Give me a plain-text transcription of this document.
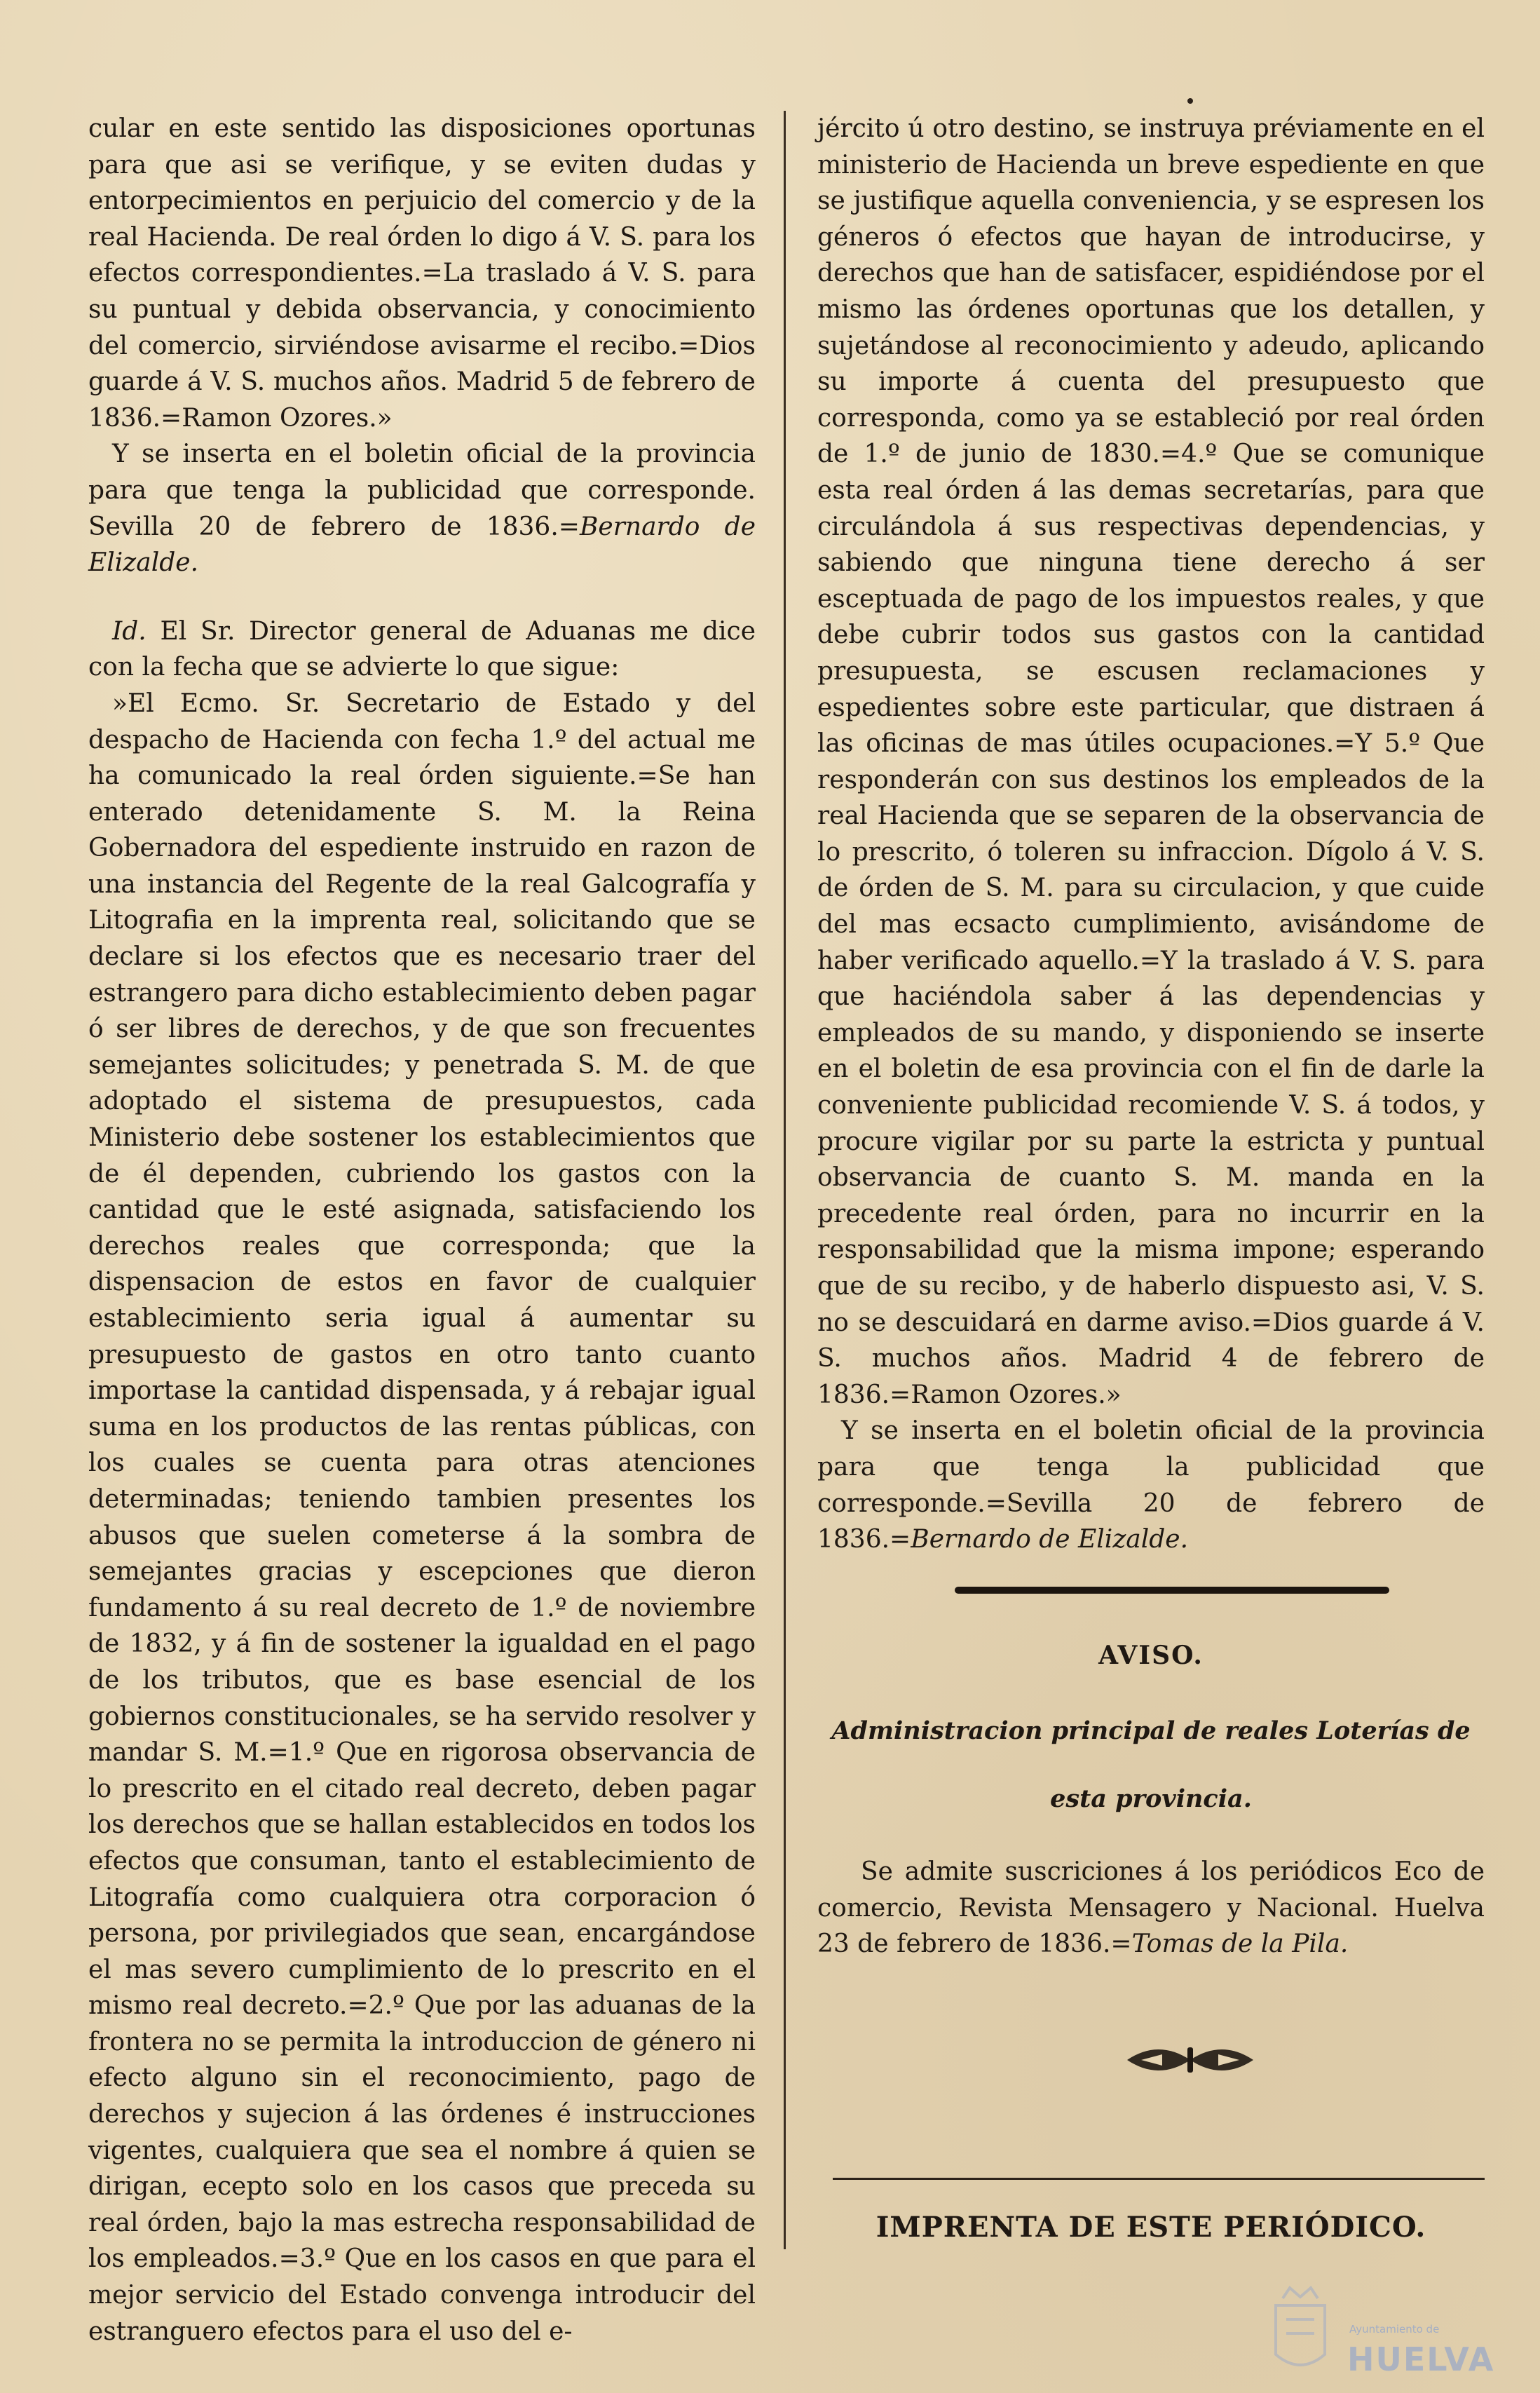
cular en este sentido las disposiciones oportunas para que asi se verifique, y se eviten dudas y entorpecimientos en perjuicio del comercio y de la real Hacienda. De real órden lo digo á V. S. para los efectos correspondientes.=La traslado á V. S. para su puntual y debida observancia, y conocimiento del comercio, sirviéndose avisarme el recibo.=Dios guarde á V. S. muchos años. Madrid 5 de febrero de 1836.=Ramon Ozores.»

Y se inserta en el boletin oficial de la provincia para que tenga la publicidad que corresponde. Sevilla 20 de febrero de 1836.=Bernardo de Elizalde.

Id. El Sr. Director general de Aduanas me dice con la fecha que se advierte lo que sigue:

»El Ecmo. Sr. Secretario de Estado y del despacho de Hacienda con fecha 1.º del actual me ha comunicado la real órden siguiente.=Se han enterado detenidamente S. M. la Reina Gobernadora del espediente instruido en razon de una instancia del Regente de la real Galcografía y Litografia en la imprenta real, solicitando que se declare si los efectos que es necesario traer del estrangero para dicho establecimiento deben pagar ó ser libres de derechos, y de que son frecuentes semejantes solicitudes; y penetrada S. M. de que adoptado el sistema de presupuestos, cada Ministerio debe sostener los establecimientos que de él dependen, cubriendo los gastos con la cantidad que le esté asignada, satisfaciendo los derechos reales que corresponda; que la dispensacion de estos en favor de cualquier establecimiento seria igual á aumentar su presupuesto de gastos en otro tanto cuanto importase la cantidad dispensada, y á rebajar igual suma en los productos de las rentas públicas, con los cuales se cuenta para otras atenciones determinadas; teniendo tambien presentes los abusos que suelen cometerse á la sombra de semejantes gracias y escepciones que dieron fundamento á su real decreto de 1.º de noviembre de 1832, y á fin de sostener la igualdad en el pago de los tributos, que es base esencial de los gobiernos constitucionales, se ha servido resolver y mandar S. M.=1.º Que en rigorosa observancia de lo prescrito en el citado real decreto, deben pagar los derechos que se hallan establecidos en todos los efectos que consuman, tanto el establecimiento de Litografía como cualquiera otra corporacion ó persona, por privilegiados que sean, encargándose el mas severo cumplimiento de lo prescrito en el mismo real decreto.=2.º Que por las aduanas de la frontera no se permita la introduccion de género ni efecto alguno sin el reconocimiento, pago de derechos y sujecion á las órdenes é instrucciones vigentes, cualquiera que sea el nombre á quien se dirigan, ecepto solo en los casos que preceda su real órden, bajo la mas estrecha responsabilidad de los empleados.=3.º Que en los casos en que para el mejor servicio del Estado convenga introducir del estranguero efectos para el uso del e-

jército ú otro destino, se instruya préviamente en el ministerio de Hacienda un breve espediente en que se justifique aquella conveniencia, y se espresen los géneros ó efectos que hayan de introducirse, y derechos que han de satisfacer, espidiéndose por el mismo las órdenes oportunas que los detallen, y sujetándose al reconocimiento y adeudo, aplicando su importe á cuenta del presupuesto que corresponda, como ya se estableció por real órden de 1.º de junio de 1830.=4.º Que se comunique esta real órden á las demas secretarías, para que circulándola á sus respectivas dependencias, y sabiendo que ninguna tiene derecho á ser esceptuada de pago de los impuestos reales, y que debe cubrir todos sus gastos con la cantidad presupuesta, se escusen reclamaciones y espedientes sobre este particular, que distraen á las oficinas de mas útiles ocupaciones.=Y 5.º Que responderán con sus destinos los empleados de la real Hacienda que se separen de la observancia de lo prescrito, ó toleren su infraccion. Dígolo á V. S. de órden de S. M. para su circulacion, y que cuide del mas ecsacto cumplimiento, avisándome de haber verificado aquello.=Y la traslado á V. S. para que haciéndola saber á las dependencias y empleados de su mando, y disponiendo se inserte en el boletin de esa provincia con el fin de darle la conveniente publicidad recomiende V. S. á todos, y procure vigilar por su parte la estricta y puntual observancia de cuanto S. M. manda en la precedente real órden, para no incurrir en la responsabilidad que la misma impone; esperando que de su recibo, y de haberlo dispuesto asi, V. S. no se descuidará en darme aviso.=Dios guarde á V. S. muchos años. Madrid 4 de febrero de 1836.=Ramon Ozores.»

Y se inserta en el boletin oficial de la provincia para que tenga la publicidad que corresponde.=Sevilla 20 de febrero de 1836.=Bernardo de Elizalde.

AVISO.
Administracion principal de reales Loterías de
esta provincia.

Se admite suscriciones á los periódicos Eco de comercio, Revista Mensagero y Nacional. Huelva 23 de febrero de 1836.=Tomas de la Pila.

IMPRENTA DE ESTE PERIÓDICO.
Ayuntamiento de
HUELVA
